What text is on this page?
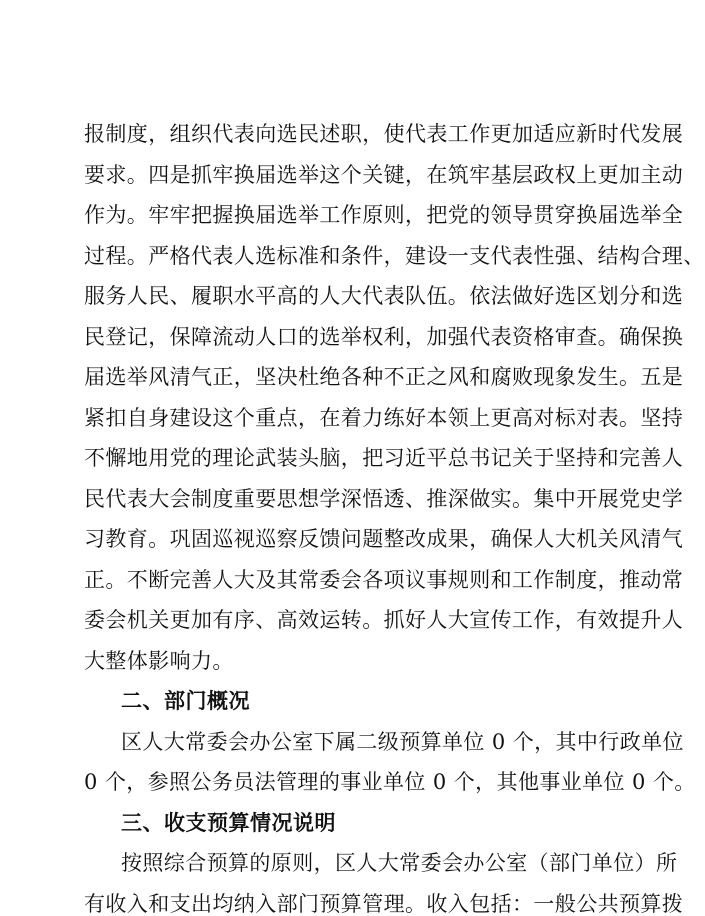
报制度，组织代表向选民述职，使代表工作更加适应新时代发展
要求。四是抓牢换届选举这个关键，在筑牢基层政权上更加主动
作为。牢牢把握换届选举工作原则，把党的领导贯穿换届选举全
过程。严格代表人选标准和条件，建设一支代表性强、结构合理、
服务人民、履职水平高的人大代表队伍。依法做好选区划分和选
民登记，保障流动人口的选举权利，加强代表资格审查。确保换
届选举风清气正，坚决杜绝各种不正之风和腐败现象发生。五是
紧扣自身建设这个重点，在着力练好本领上更高对标对表。坚持
不懈地用党的理论武装头脑，把习近平总书记关于坚持和完善人
民代表大会制度重要思想学深悟透、推深做实。集中开展党史学
习教育。巩固巡视巡察反馈问题整改成果，确保人大机关风清气
正。不断完善人大及其常委会各项议事规则和工作制度，推动常
委会机关更加有序、高效运转。抓好人大宣传工作，有效提升人
大整体影响力。
二、部门概况
区人大常委会办公室下属二级预算单位 0 个，其中行政单位
0 个，参照公务员法管理的事业单位 0 个，其他事业单位 0 个。
三、收支预算情况说明
按照综合预算的原则，区人大常委会办公室（部门单位）所
有收入和支出均纳入部门预算管理。收入包括：一般公共预算拨
